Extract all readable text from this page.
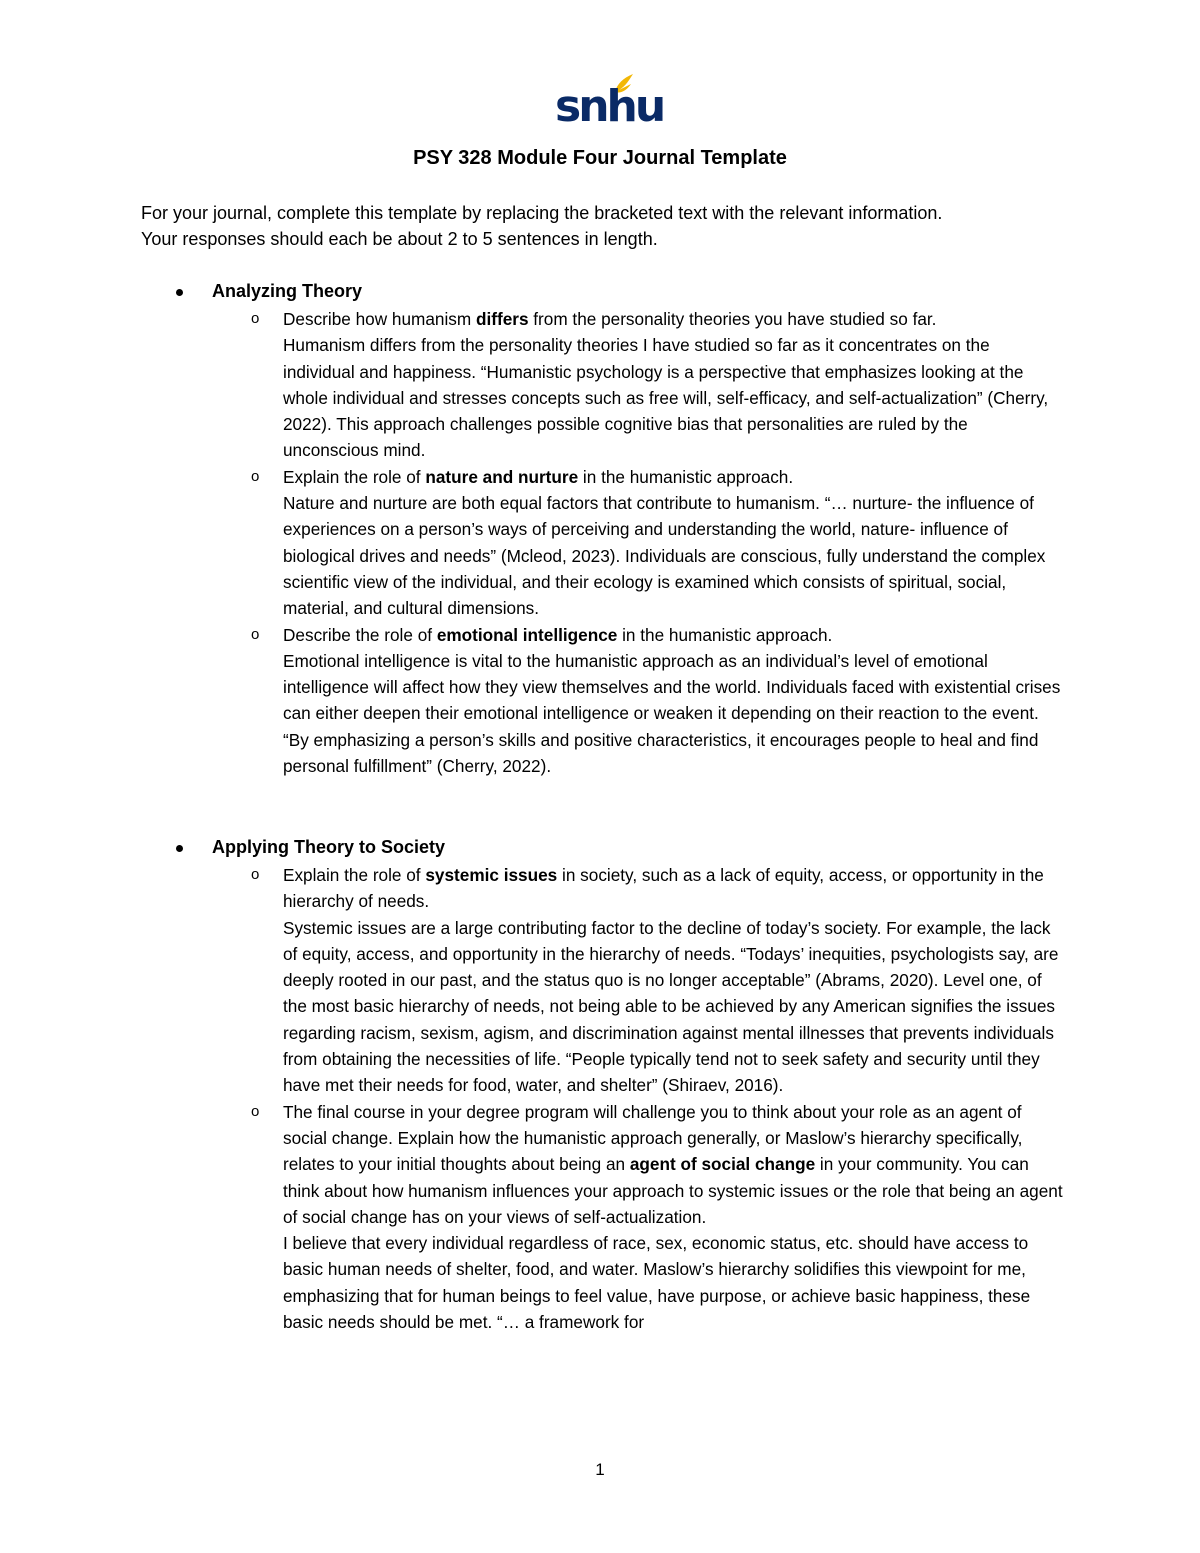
snhu
PSY 328 Module Four Journal Template

For your journal, complete this template by replacing the bracketed text with the relevant information.

Your responses should each be about 2 to 5 sentences in length.

Analyzing Theory
o Describe how humanism differs from the personality theories you have studied so far.

Humanism differs from the personality theories I have studied so far as it concentrates on the individual and happiness. “Humanistic psychology is a perspective that emphasizes looking at the whole individual and stresses concepts such as free will, self-efficacy, and self-actualization” (Cherry, 2022). This approach challenges possible cognitive bias that personalities are ruled by the unconscious mind.

o Explain the role of nature and nurture in the humanistic approach.

Nature and nurture are both equal factors that contribute to humanism. “… nurture- the influence of experiences on a person’s ways of perceiving and understanding the world, nature- influence of biological drives and needs” (Mcleod, 2023). Individuals are conscious, fully understand the complex scientific view of the individual, and their ecology is examined which consists of spiritual, social, material, and cultural dimensions.

o Describe the role of emotional intelligence in the humanistic approach.

Emotional intelligence is vital to the humanistic approach as an individual’s level of emotional intelligence will affect how they view themselves and the world. Individuals faced with existential crises can either deepen their emotional intelligence or weaken it depending on their reaction to the event. “By emphasizing a person’s skills and positive characteristics, it encourages people to heal and find personal fulfillment” (Cherry, 2022).

Applying Theory to Society
o Explain the role of systemic issues in society, such as a lack of equity, access, or opportunity in the hierarchy of needs.

Systemic issues are a large contributing factor to the decline of today’s society. For example, the lack of equity, access, and opportunity in the hierarchy of needs. “Todays’ inequities, psychologists say, are deeply rooted in our past, and the status quo is no longer acceptable” (Abrams, 2020). Level one, of the most basic hierarchy of needs, not being able to be achieved by any American signifies the issues regarding racism, sexism, agism, and discrimination against mental illnesses that prevents individuals from obtaining the necessities of life. “People typically tend not to seek safety and security until they have met their needs for food, water, and shelter” (Shiraev, 2016).

o The final course in your degree program will challenge you to think about your role as an agent of social change. Explain how the humanistic approach generally, or Maslow’s hierarchy specifically, relates to your initial thoughts about being an agent of social change in your community. You can think about how humanism influences your approach to systemic issues or the role that being an agent of social change has on your views of self-actualization.

I believe that every individual regardless of race, sex, economic status, etc. should have access to basic human needs of shelter, food, and water. Maslow’s hierarchy solidifies this viewpoint for me, emphasizing that for human beings to feel value, have purpose, or achieve basic happiness, these basic needs should be met. “… a framework for

1
